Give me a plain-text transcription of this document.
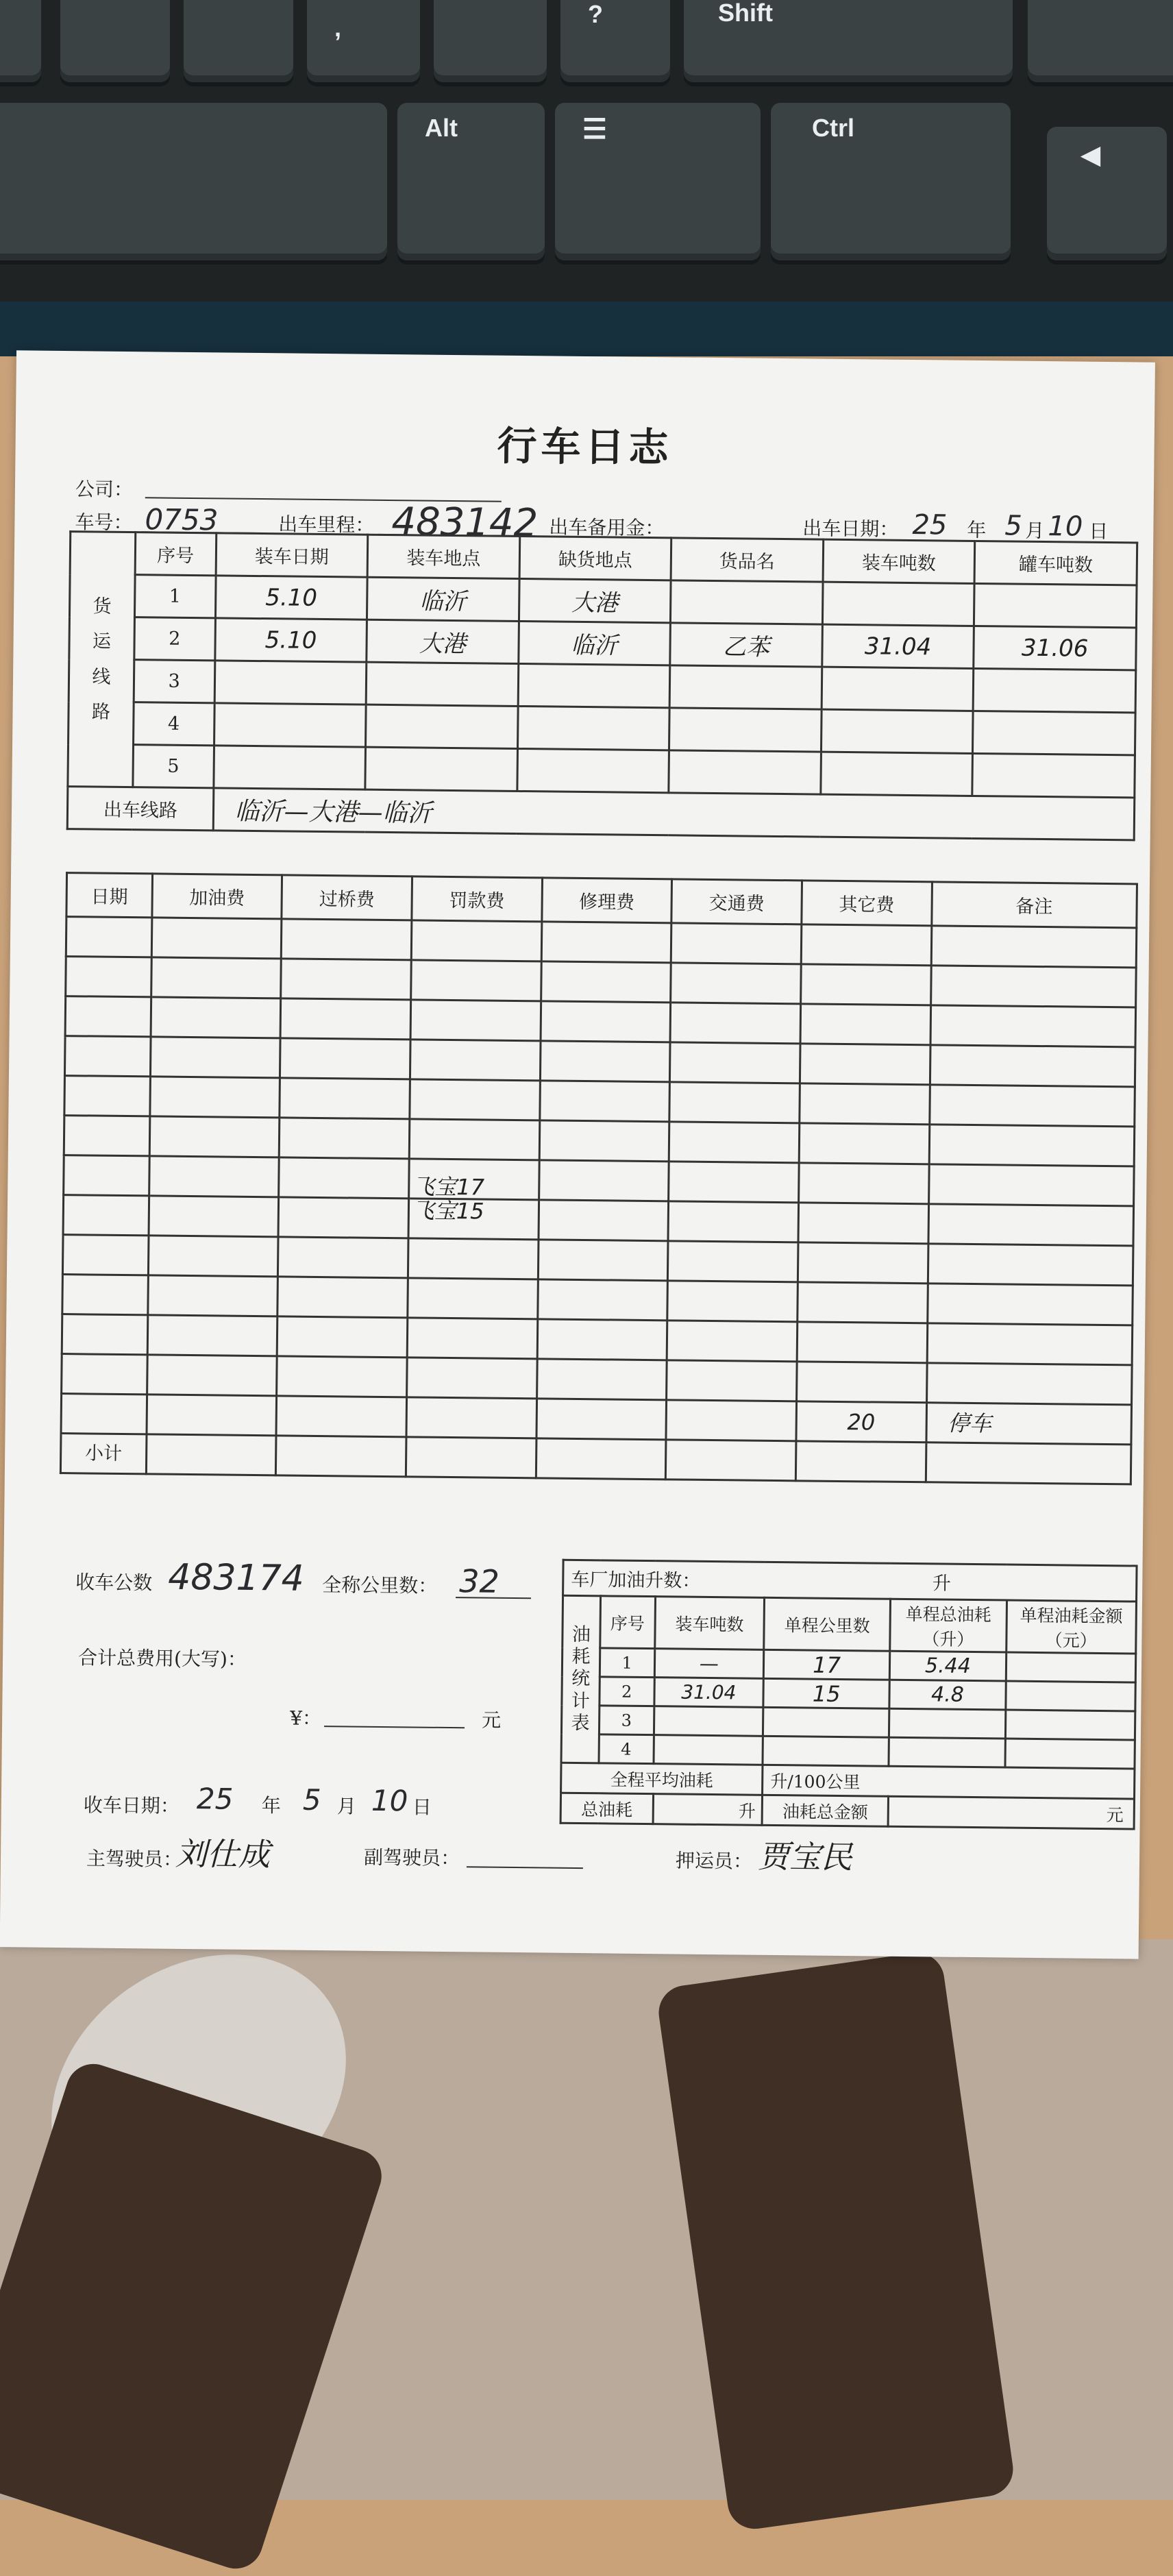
,	?	Shift
Alt	☰	Ctrl
◀
行车日志
公司：
车号： 0753	出车里程： 483142 出车备用金：	出车日期： 25 年 5 月 10 日
货
运
线
路	序号	装车日期	装车地点	缺货地点	货品名	装车吨数	罐车吨数
	1	5.10	临沂	大港			
	2	5.10	大港	临沂	乙苯	31.04	31.06
	3						
	4						
	5						
出车线路		临沂—大港—临沂					
日期	加油费	过桥费	罚款费	修理费	交通费	其它费	备注

			飞宝17				
			飞宝15				

						20	停车
小计							
收车公数 483174 全称公里数： 32
合计总费用(大写)：
¥：	元
收车日期： 25 年 5 月 10 日
主驾驶员：
刘仕成	副驾驶员：	押运员： 贾宝民
车厂加油升数： 升					

油
耗
统
计
表	序号	装车吨数	单程公里数	单程总油耗（升）	单程油耗金额（元）
	1	—	17	5.44	
	2	31.04	15	4.8	
	3				
	4				
全程平均油耗			升/100公里		
总油耗		升	油耗总金额	元	
